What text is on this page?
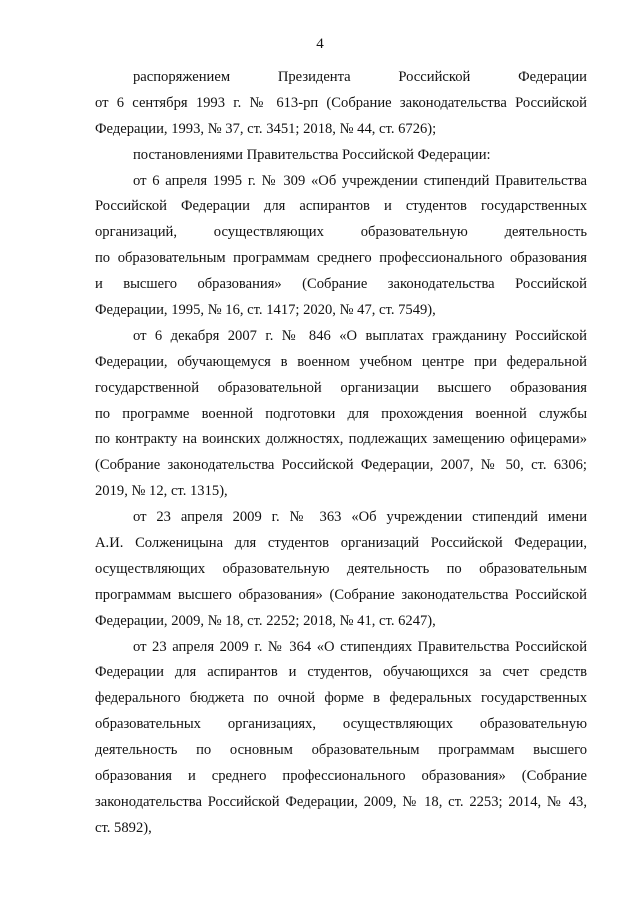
4
распоряжением Президента Российской Федерации
от 6 сентября 1993 г. № 613-рп (Собрание законодательства Российской
Федерации, 1993, № 37, ст. 3451; 2018, № 44, ст. 6726);
постановлениями Правительства Российской Федерации:
от 6 апреля 1995 г. № 309 «Об учреждении стипендий Правительства
Российской Федерации для аспирантов и студентов государственных
организаций, осуществляющих образовательную деятельность
по образовательным программам среднего профессионального образования
и высшего образования» (Собрание законодательства Российской
Федерации, 1995, № 16, ст. 1417; 2020, № 47, ст. 7549),
от 6 декабря 2007 г. № 846 «О выплатах гражданину Российской
Федерации, обучающемуся в военном учебном центре при федеральной
государственной образовательной организации высшего образования
по программе военной подготовки для прохождения военной службы
по контракту на воинских должностях, подлежащих замещению офицерами»
(Собрание законодательства Российской Федерации, 2007, № 50, ст. 6306;
2019, № 12, ст. 1315),
от 23 апреля 2009 г. № 363 «Об учреждении стипендий имени
А.И. Солженицына для студентов организаций Российской Федерации,
осуществляющих образовательную деятельность по образовательным
программам высшего образования» (Собрание законодательства Российской
Федерации, 2009, № 18, ст. 2252; 2018, № 41, ст. 6247),
от 23 апреля 2009 г. № 364 «О стипендиях Правительства Российской
Федерации для аспирантов и студентов, обучающихся за счет средств
федерального бюджета по очной форме в федеральных государственных
образовательных организациях, осуществляющих образовательную
деятельность по основным образовательным программам высшего
образования и среднего профессионального образования» (Собрание
законодательства Российской Федерации, 2009, № 18, ст. 2253; 2014, № 43,
ст. 5892),
